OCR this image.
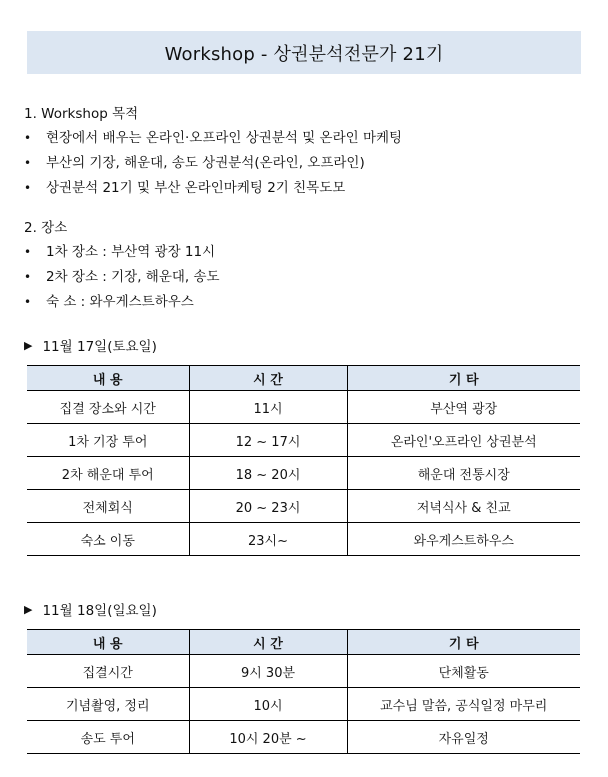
Workshop - 상권분석전문가 21기
1. Workshop 목적
•	현장에서 배우는 온라인·오프라인 상권분석 및 온라인 마케팅
•	부산의 기장, 해운대, 송도 상권분석(온라인, 오프라인)
•	상권분석 21기 및 부산 온라인마케팅 2기 친목도모
2. 장소
•	1차 장소 : 부산역 광장 11시
•	2차 장소 : 기장, 해운대, 송도
•	숙 소 : 와우게스트하우스
▶ 11월 17일(토요일)
내 용	시 간	기 타
집결 장소와 시간	11시	부산역 광장
1차 기장 투어	12 ~ 17시	온라인'오프라인 상권분석
2차 해운대 투어	18 ~ 20시	해운대 전통시장
전체회식	20 ~ 23시	저녁식사 & 친교
숙소 이동	23시~	와우게스트하우스
▶ 11월 18일(일요일)
내 용	시 간	기 타
집결시간	9시 30분	단체활동
기념촬영, 정리	10시	교수님 말씀, 공식일정 마무리
송도 투어	10시 20분 ~	자유일정
